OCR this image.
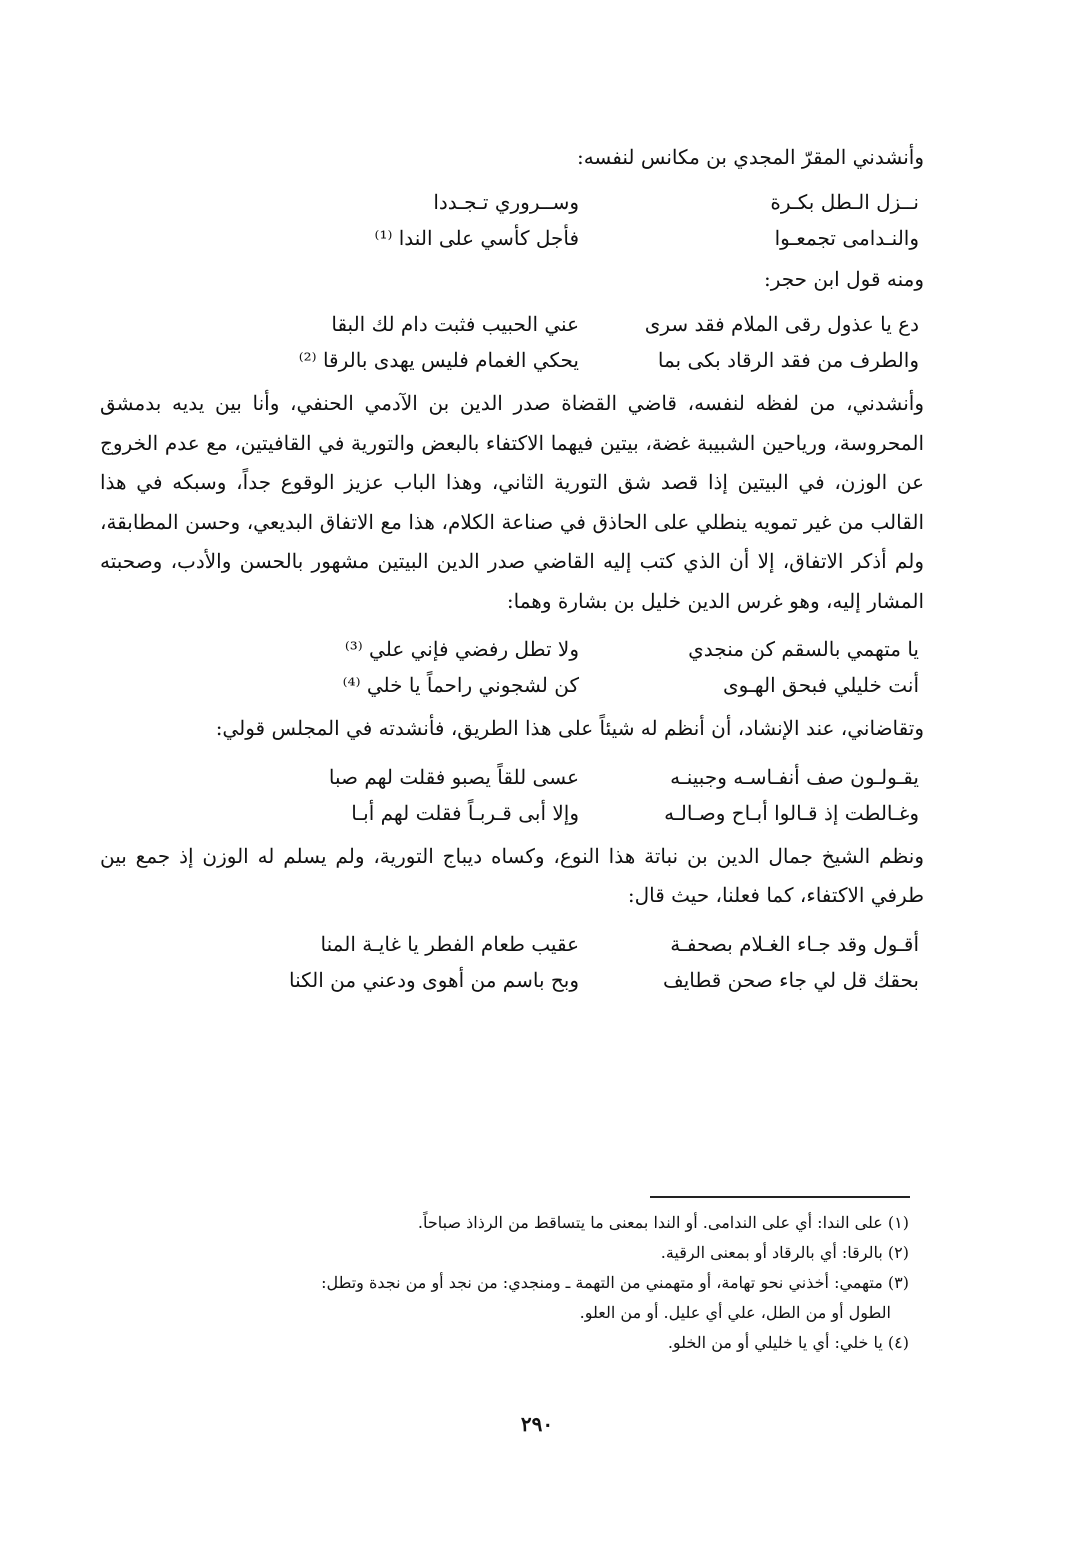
وأنشدني المقرّ المجدي بن مكانس لنفسه:

نــزل الـطل بكـرة
وســروري تـجـددا
والنـدامى تجمعـوا
فأجل كأسي على الندا ⁽¹⁾

ومنه قول ابن حجر:

دع يا عذول رقى الملام فقد سرى
عني الحبيب فثبت دام لك البقا
والطرف من فقد الرقاد بكى بما
يحكي الغمام فليس يهدى بالرقا ⁽²⁾

وأنشدني، من لفظه لنفسه، قاضي القضاة صدر الدين بن الآدمي الحنفي، وأنا بين يديه بدمشق المحروسة، ورياحين الشبيبة غضة، بيتين فيهما الاكتفاء بالبعض والتورية في القافيتين، مع عدم الخروج عن الوزن، في البيتين إذا قصد شق التورية الثاني، وهذا الباب عزيز الوقوع جداً، وسبكه في هذا القالب من غير تمويه ينطلي على الحاذق في صناعة الكلام، هذا مع الاتفاق البديعي، وحسن المطابقة، ولم أذكر الاتفاق، إلا أن الذي كتب إليه القاضي صدر الدين البيتين مشهور بالحسن والأدب، وصحبته المشار إليه، وهو غرس الدين خليل بن بشارة وهما:

يا متهمي بالسقم كن منجدي
ولا تطل رفضي فإني علي ⁽³⁾
أنت خليلي فبحق الهـوى
كن لشجوني راحماً يا خلي ⁽⁴⁾

وتقاضاني، عند الإنشاد، أن أنظم له شيئاً على هذا الطريق، فأنشدته في المجلس قولي:

يقـولـون صف أنفـاسـه وجبينـه
عسى للقاً يصبو فقلت لهم صبا
وغـالطت إذ قـالوا أبـاح وصـالـه
وإلا أبى قـربـاً فقلت لهم أبـا

ونظم الشيخ جمال الدين بن نباتة هذا النوع، وكساه ديباج التورية، ولم يسلم له الوزن إذ جمع بين طرفي الاكتفاء، كما فعلنا، حيث قال:

أقـول وقد جـاء الغـلام بصحفـة
عقيب طعام الفطر يا غايـة المنا
بحقك قل لي جاء صحن قطايف
وبح باسم من أهوى ودعني من الكنا

(١) على الندا: أي على الندامى. أو الندا بمعنى ما يتساقط من الرذاذ صباحاً.

(٢) بالرقا: أي بالرقاد أو بمعنى الرقية.

(٣) متهمي: أخذني نحو تهامة، أو متهمني من التهمة ـ ومنجدي: من نجد أو من نجدة وتطل:

الطول أو من الطل، علي أي عليل. أو من العلو.

(٤) يا خلي: أي يا خليلي أو من الخلو.

٢٩٠
